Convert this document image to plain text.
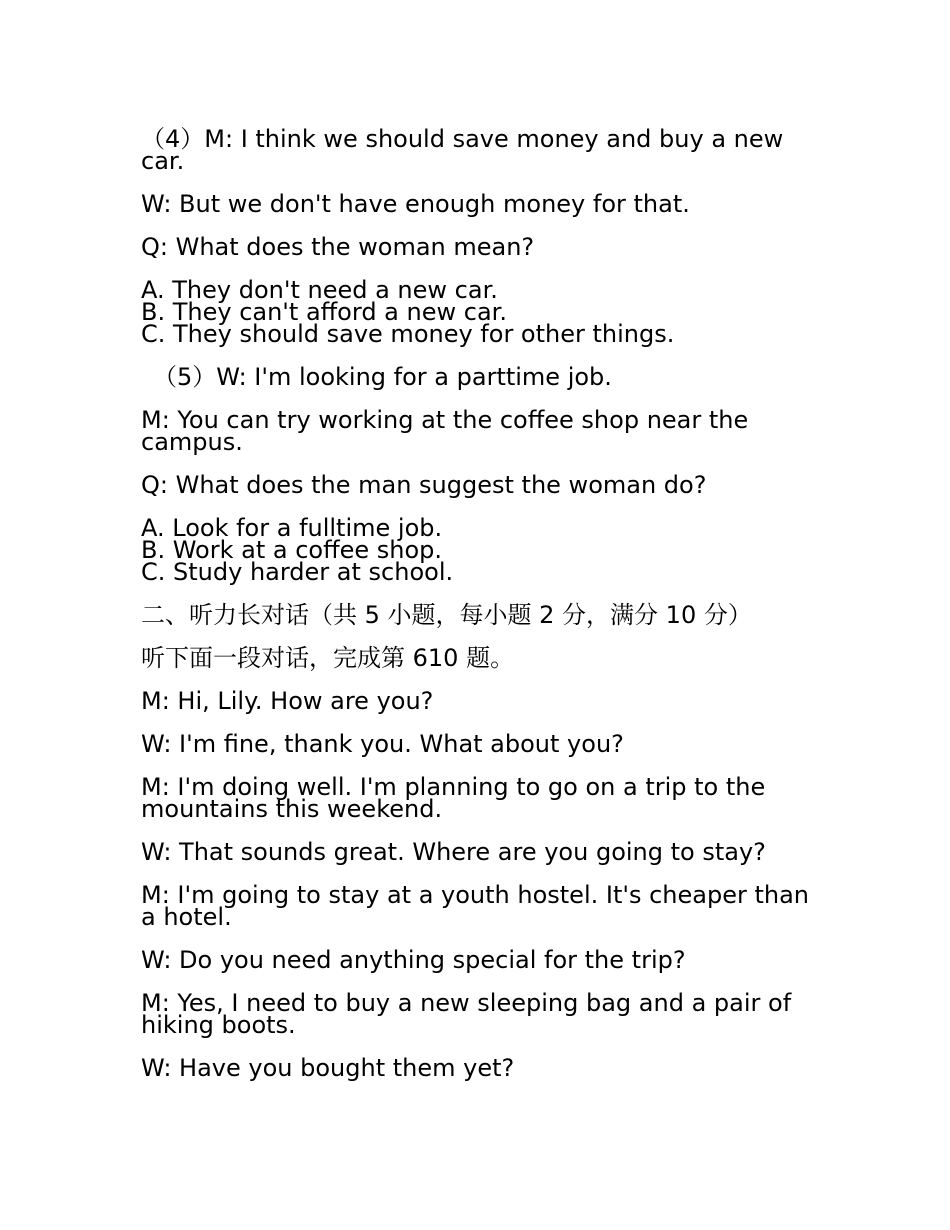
（4）M: I think we should save money and buy a new car.

W: But we don't have enough money for that.

Q: What does the woman mean?

A. They don't need a new car.
B. They can't afford a new car.
C. They should save money for other things.

（5）W: I'm looking for a parttime job.

M: You can try working at the coffee shop near the campus.

Q: What does the man suggest the woman do?

A. Look for a fulltime job.
B. Work at a coffee shop.
C. Study harder at school.

二、听力长对话（共 5 小题，每小题 2 分，满分 10 分）

听下面一段对话，完成第 610 题。

M: Hi, Lily. How are you?

W: I'm fine, thank you. What about you?

M: I'm doing well. I'm planning to go on a trip to the mountains this weekend.

W: That sounds great. Where are you going to stay?

M: I'm going to stay at a youth hostel. It's cheaper than a hotel.

W: Do you need anything special for the trip?

M: Yes, I need to buy a new sleeping bag and a pair of hiking boots.

W: Have you bought them yet?
